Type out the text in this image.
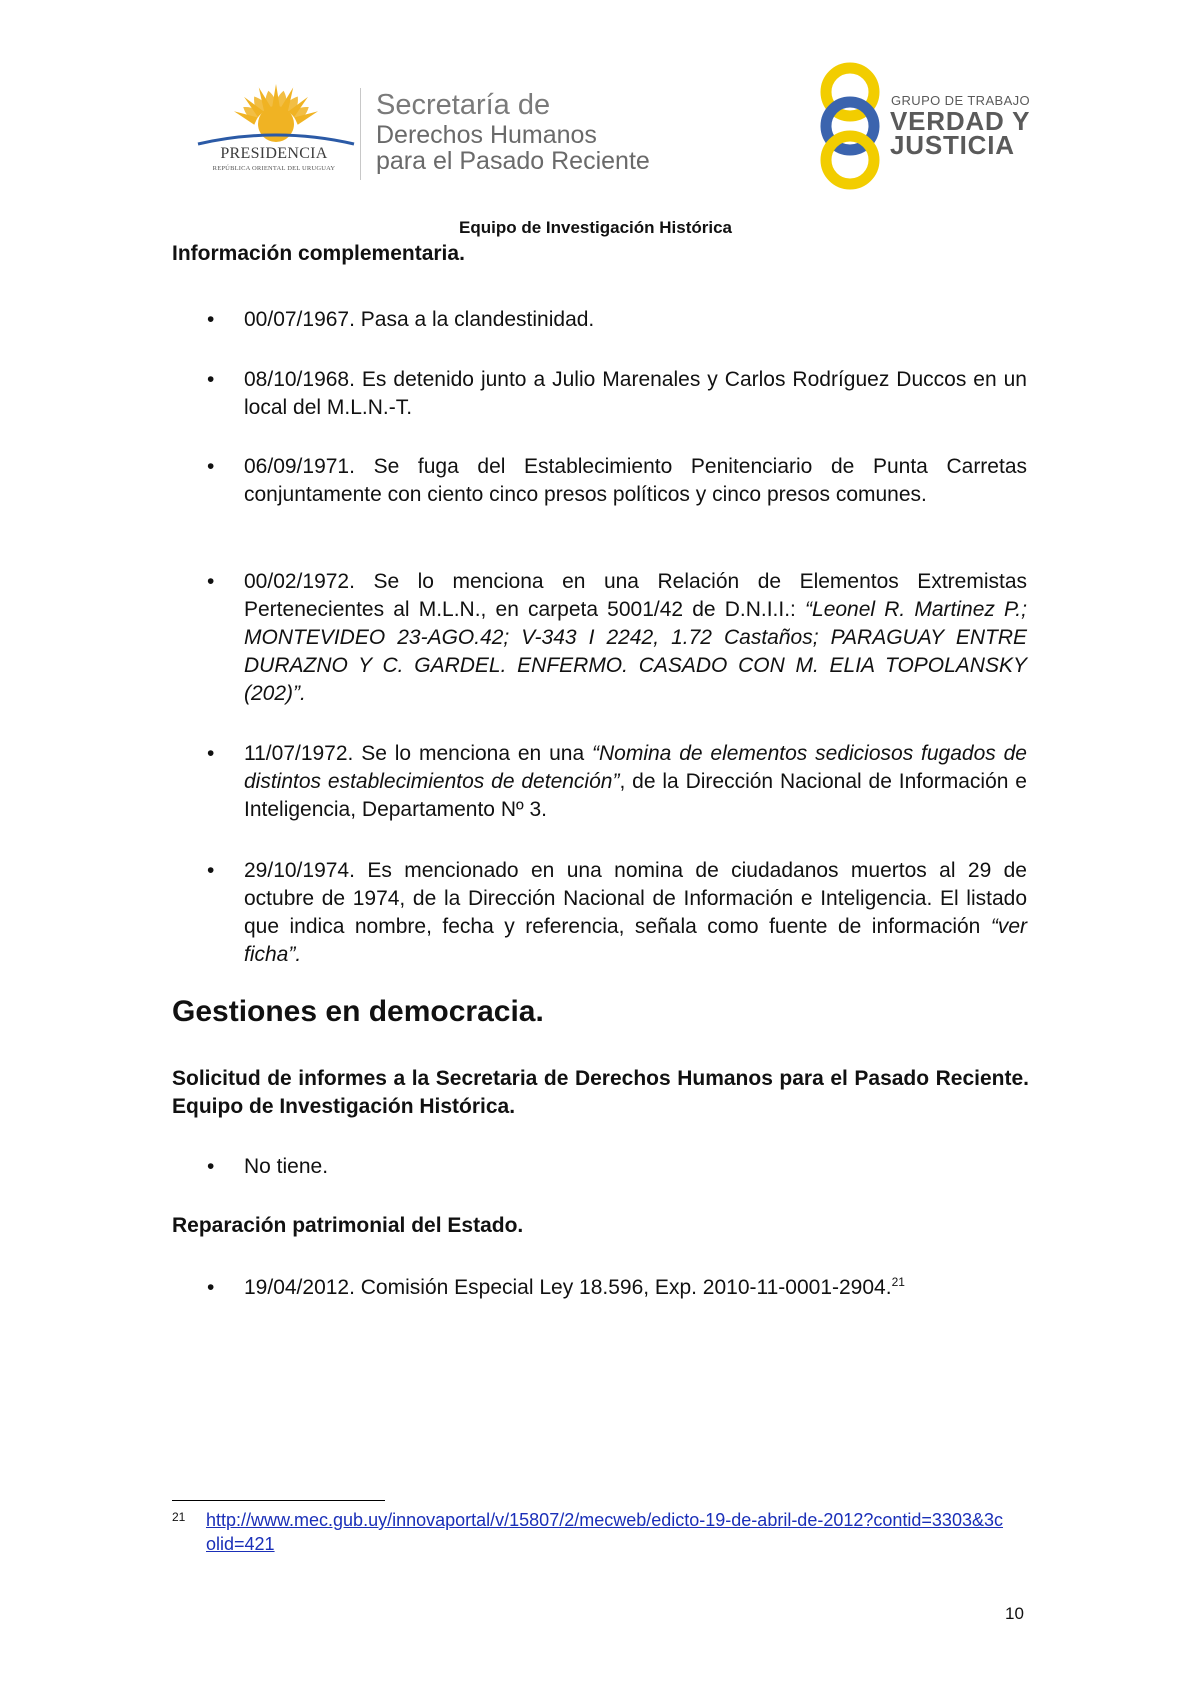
PRESIDENCIA
REPÚBLICA ORIENTAL DEL URUGUAY
Secretaría de
Derechos Humanos
para el Pasado Reciente
GRUPO DE TRABAJO
VERDAD Y
JUSTICIA
Equipo de Investigación Histórica
Información complementaria.
• 00/07/1967. Pasa a la clandestinidad.
• 08/10/1968. Es detenido junto a Julio Marenales y Carlos Rodríguez Duccos en un local del M.L.N.-T.
• 06/09/1971. Se fuga del Establecimiento Penitenciario de Punta Carretas conjuntamente con ciento cinco presos políticos y cinco presos comunes.
• 00/02/1972. Se lo menciona en una Relación de Elementos Extremistas Pertenecientes al M.L.N., en carpeta 5001/42 de D.N.I.I.: “Leonel R. Martinez P.; MONTEVIDEO 23-AGO.42; V-343 I 2242, 1.72 Castaños; PARAGUAY ENTRE DURAZNO Y C. GARDEL. ENFERMO. CASADO CON M. ELIA TOPOLANSKY (202)”.
• 11/07/1972. Se lo menciona en una “Nomina de elementos sediciosos fugados de distintos establecimientos de detención”, de la Dirección Nacional de Información e Inteligencia, Departamento Nº 3.
• 29/10/1974. Es mencionado en una nomina de ciudadanos muertos al 29 de octubre de 1974, de la Dirección Nacional de Información e Inteligencia. El listado que indica nombre, fecha y referencia, señala como fuente de información “ver ficha”.
Gestiones en democracia.
Solicitud de informes a la Secretaria de Derechos Humanos para el Pasado Reciente. Equipo de Investigación Histórica.
• No tiene.
Reparación patrimonial del Estado.
• 19/04/2012. Comisión Especial Ley 18.596, Exp. 2010-11-0001-2904.21
21 http://www.mec.gub.uy/innovaportal/v/15807/2/mecweb/edicto-19-de-abril-de-2012?contid=3303&3colid=421
10
